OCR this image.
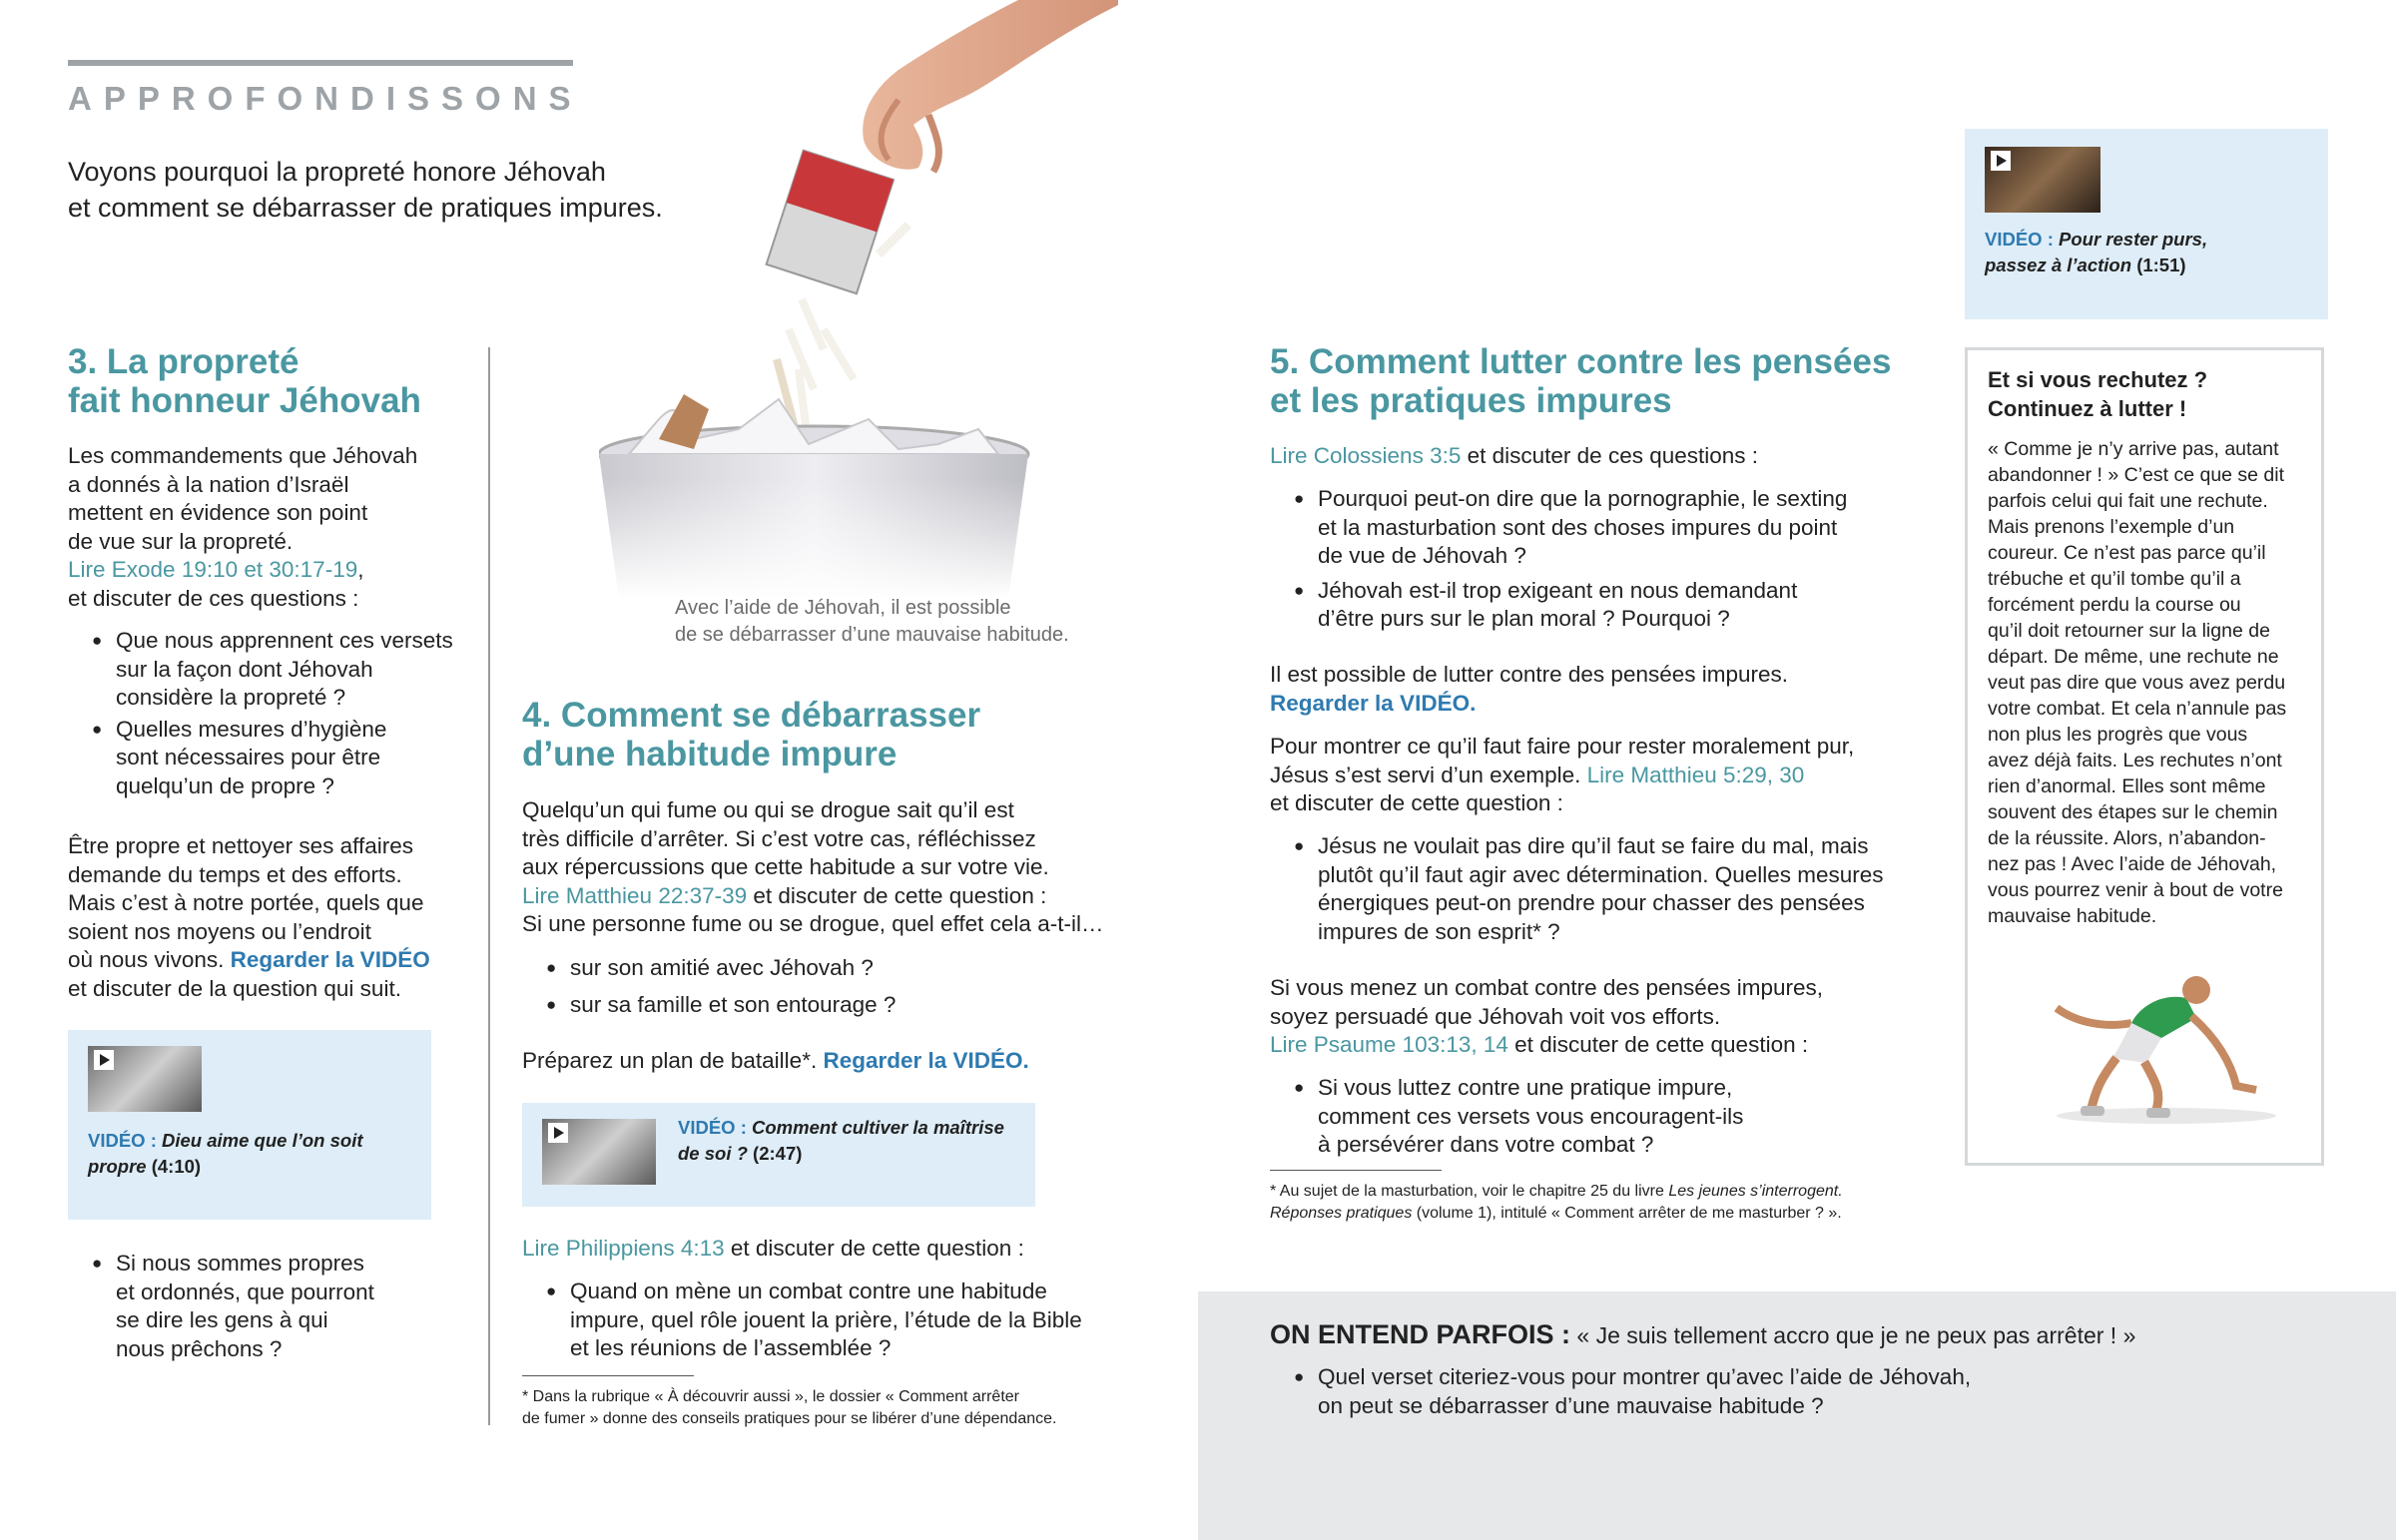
APPROFONDISSONS
Voyons pourquoi la propreté honore Jéhovah
et comment se débarrasser de pratiques impures.
Avec l’aide de Jéhovah, il est possible
de se débarrasser d’une mauvaise habitude.
3. La propreté
fait honneur Jéhovah
Les commandements que Jéhovah
a donnés à la nation d’Israël
mettent en évidence son point
de vue sur la propreté.
Lire Exode 19:10 et 30:17-19,
et discuter de ces questions :
● Que nous apprennent ces versets
sur la façon dont Jéhovah
considère la propreté ?
● Quelles mesures d’hygiène
sont nécessaires pour être
quelqu’un de propre ?
Être propre et nettoyer ses affaires
demande du temps et des efforts.
Mais c’est à notre portée, quels que
soient nos moyens ou l’endroit
où nous vivons. Regarder la VIDÉO
et discuter de la question qui suit.
VIDÉO : Dieu aime que l’on soit
propre (4:10)
● Si nous sommes propres
et ordonnés, que pourront
se dire les gens à qui
nous prêchons ?
4. Comment se débarrasser
d’une habitude impure
Quelqu’un qui fume ou qui se drogue sait qu’il est
très difficile d’arrêter. Si c’est votre cas, réfléchissez
aux répercussions que cette habitude a sur votre vie.
Lire Matthieu 22:37-39 et discuter de cette question :
Si une personne fume ou se drogue, quel effet cela a-t-il…
● sur son amitié avec Jéhovah ?
● sur sa famille et son entourage ?
Préparez un plan de bataille*. Regarder la VIDÉO.
VIDÉO : Comment cultiver la maîtrise
de soi ? (2:47)
Lire Philippiens 4:13 et discuter de cette question :
● Quand on mène un combat contre une habitude
impure, quel rôle jouent la prière, l’étude de la Bible
et les réunions de l’assemblée ?
* Dans la rubrique « À découvrir aussi », le dossier « Comment arrêter
de fumer » donne des conseils pratiques pour se libérer d’une dépendance.
5. Comment lutter contre les pensées
et les pratiques impures
Lire Colossiens 3:5 et discuter de ces questions :
● Pourquoi peut-on dire que la pornographie, le sexting
et la masturbation sont des choses impures du point
de vue de Jéhovah ?
● Jéhovah est-il trop exigeant en nous demandant
d’être purs sur le plan moral ? Pourquoi ?
Il est possible de lutter contre des pensées impures.
Regarder la VIDÉO.
Pour montrer ce qu’il faut faire pour rester moralement pur,
Jésus s’est servi d’un exemple. Lire Matthieu 5:29, 30
et discuter de cette question :
● Jésus ne voulait pas dire qu’il faut se faire du mal, mais
plutôt qu’il faut agir avec détermination. Quelles mesures
énergiques peut-on prendre pour chasser des pensées
impures de son esprit* ?
Si vous menez un combat contre des pensées impures,
soyez persuadé que Jéhovah voit vos efforts.
Lire Psaume 103:13, 14 et discuter de cette question :
● Si vous luttez contre une pratique impure,
comment ces versets vous encouragent-ils
à persévérer dans votre combat ?
* Au sujet de la masturbation, voir le chapitre 25 du livre Les jeunes s’interrogent.
Réponses pratiques (volume 1), intitulé « Comment arrêter de me masturber ? ».
VIDÉO : Pour rester purs,
passez à l’action (1:51)
Et si vous rechutez ?
Continuez à lutter !
« Comme je n’y arrive pas, autant
abandonner ! » C’est ce que se dit
parfois celui qui fait une rechute.
Mais prenons l’exemple d’un
coureur. Ce n’est pas parce qu’il
trébuche et qu’il tombe qu’il a
forcément perdu la course ou
qu’il doit retourner sur la ligne de
départ. De même, une rechute ne
veut pas dire que vous avez perdu
votre combat. Et cela n’annule pas
non plus les progrès que vous
avez déjà faits. Les rechutes n’ont
rien d’anormal. Elles sont même
souvent des étapes sur le chemin
de la réussite. Alors, n’abandon-
nez pas ! Avec l’aide de Jéhovah,
vous pourrez venir à bout de votre
mauvaise habitude.
ON ENTEND PARFOIS : « Je suis tellement accro que je ne peux pas arrêter ! »
● Quel verset citeriez-vous pour montrer qu’avec l’aide de Jéhovah,
on peut se débarrasser d’une mauvaise habitude ?
